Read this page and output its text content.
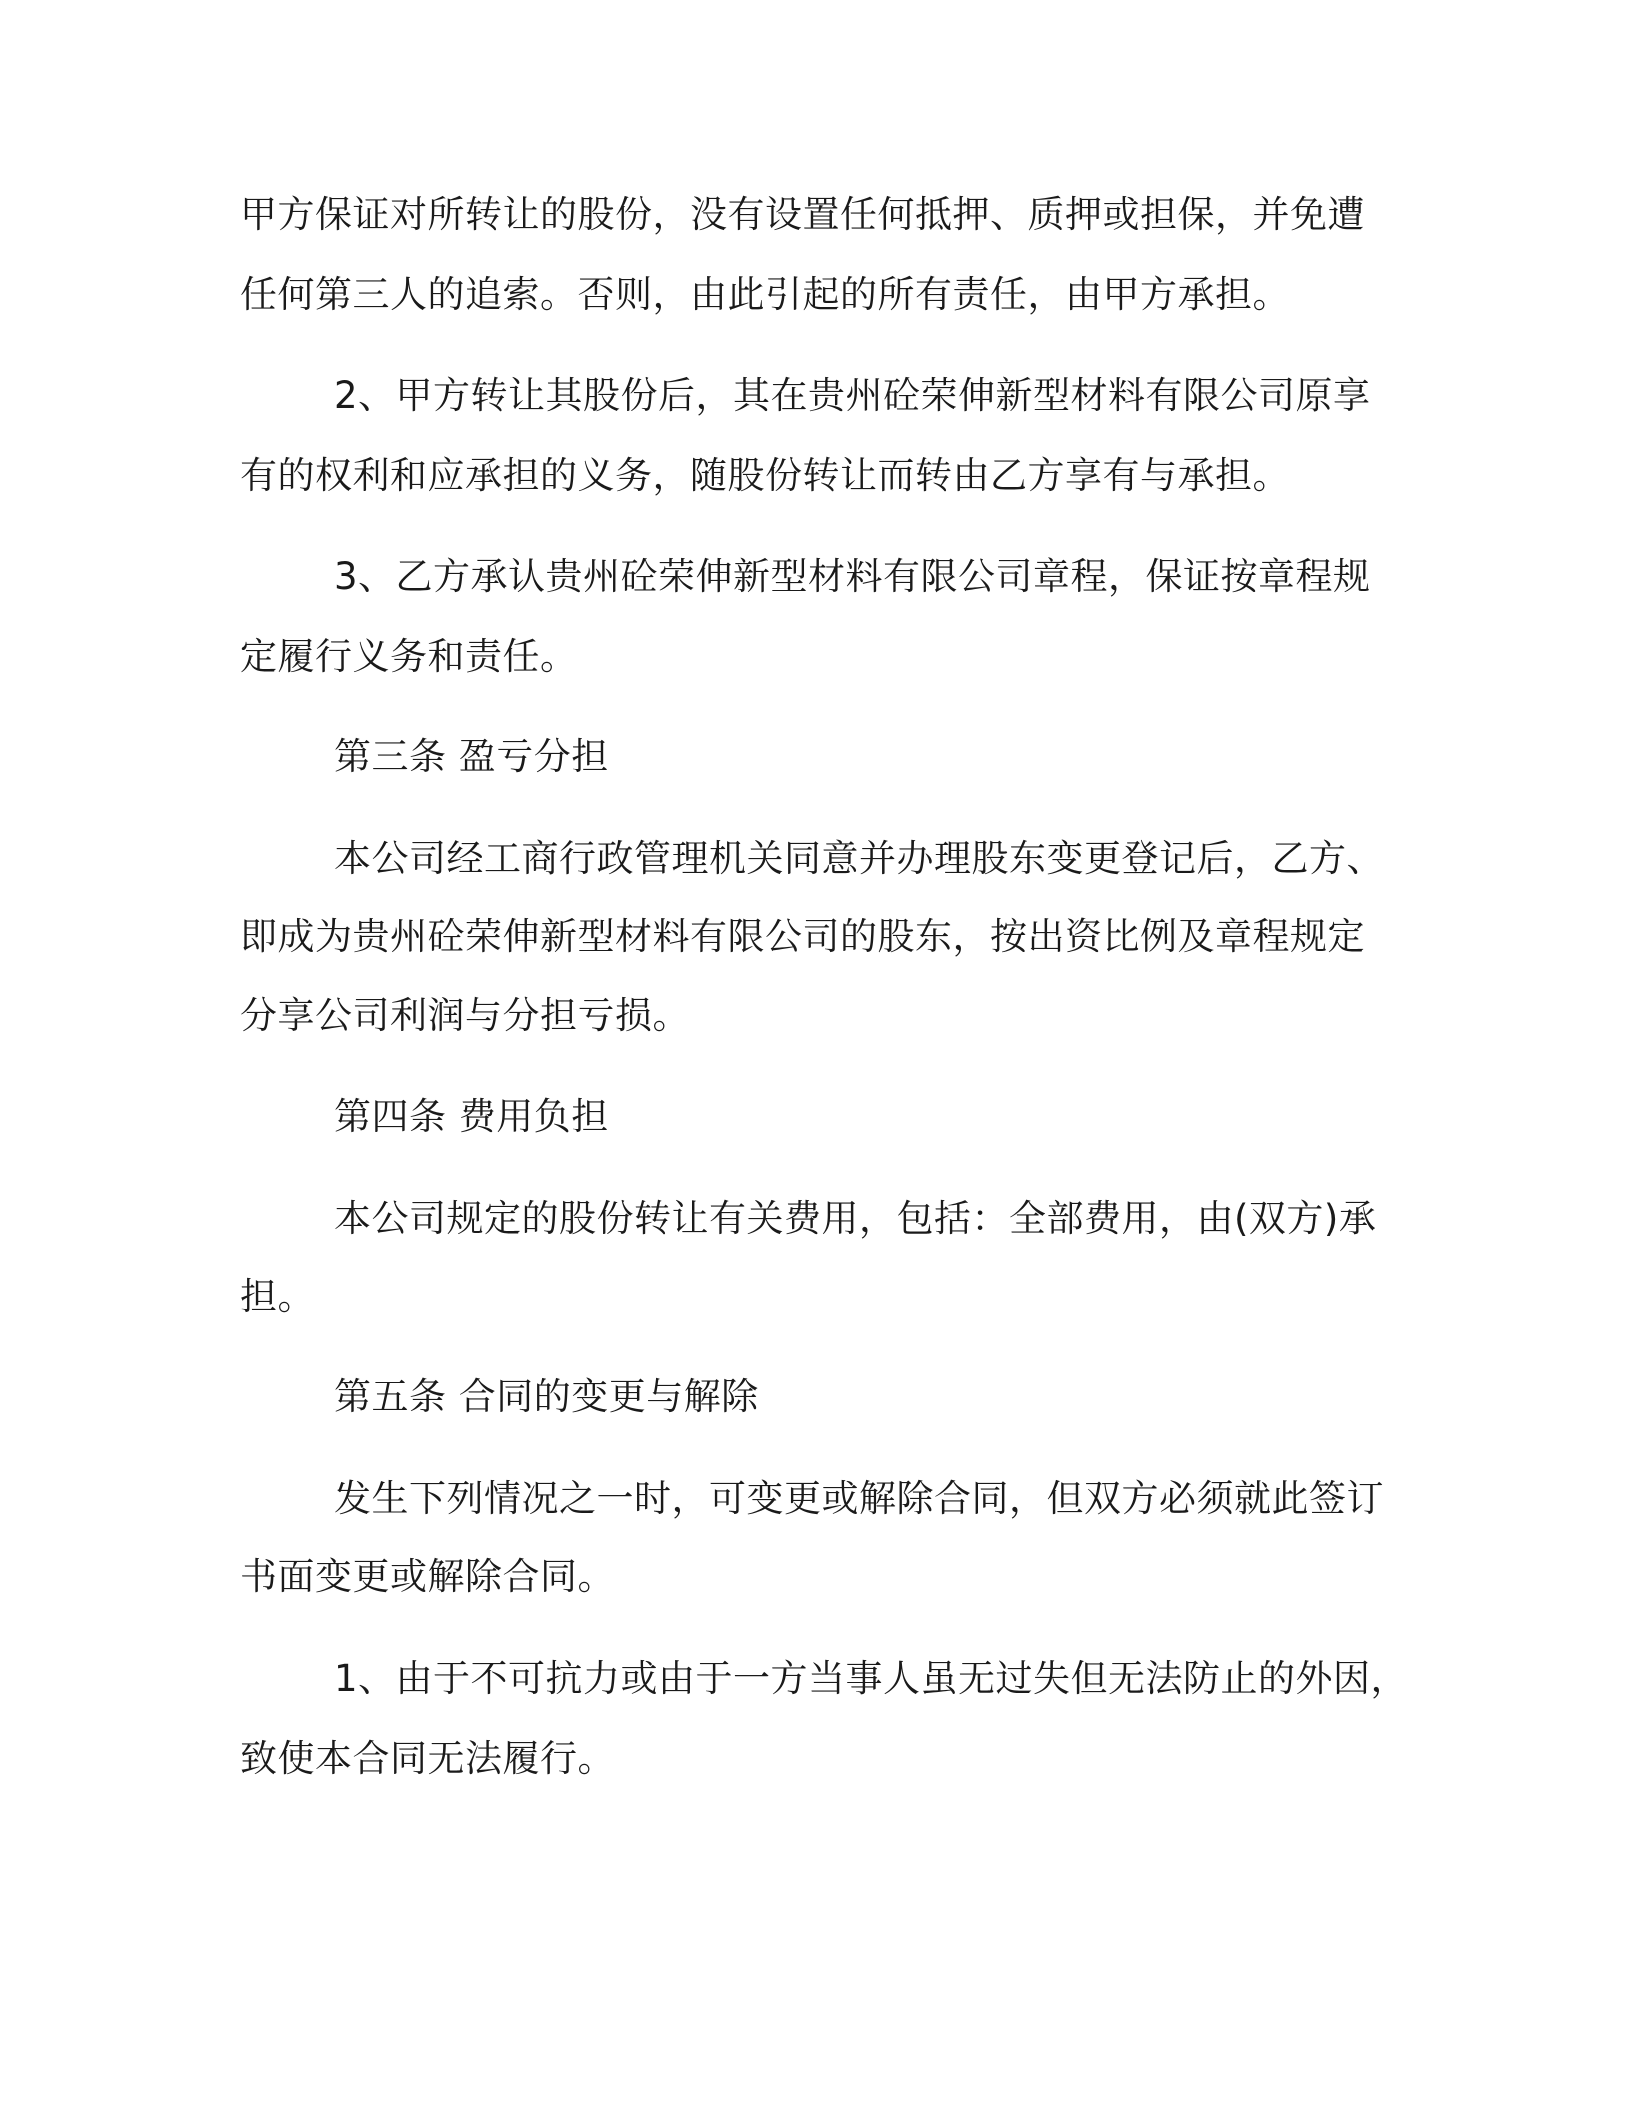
甲方保证对所转让的股份，没有设置任何抵押、质押或担保，并免遭
任何第三人的追索。否则，由此引起的所有责任，由甲方承担。
2、甲方转让其股份后，其在贵州砼荣伸新型材料有限公司原享
有的权利和应承担的义务，随股份转让而转由乙方享有与承担。
3、乙方承认贵州砼荣伸新型材料有限公司章程，保证按章程规
定履行义务和责任。
第三条 盈亏分担
本公司经工商行政管理机关同意并办理股东变更登记后，乙方、
即成为贵州砼荣伸新型材料有限公司的股东，按出资比例及章程规定
分享公司利润与分担亏损。
第四条 费用负担
本公司规定的股份转让有关费用，包括：全部费用，由(双方)承
担。
第五条 合同的变更与解除
发生下列情况之一时，可变更或解除合同，但双方必须就此签订
书面变更或解除合同。
1、由于不可抗力或由于一方当事人虽无过失但无法防止的外因，
致使本合同无法履行。
